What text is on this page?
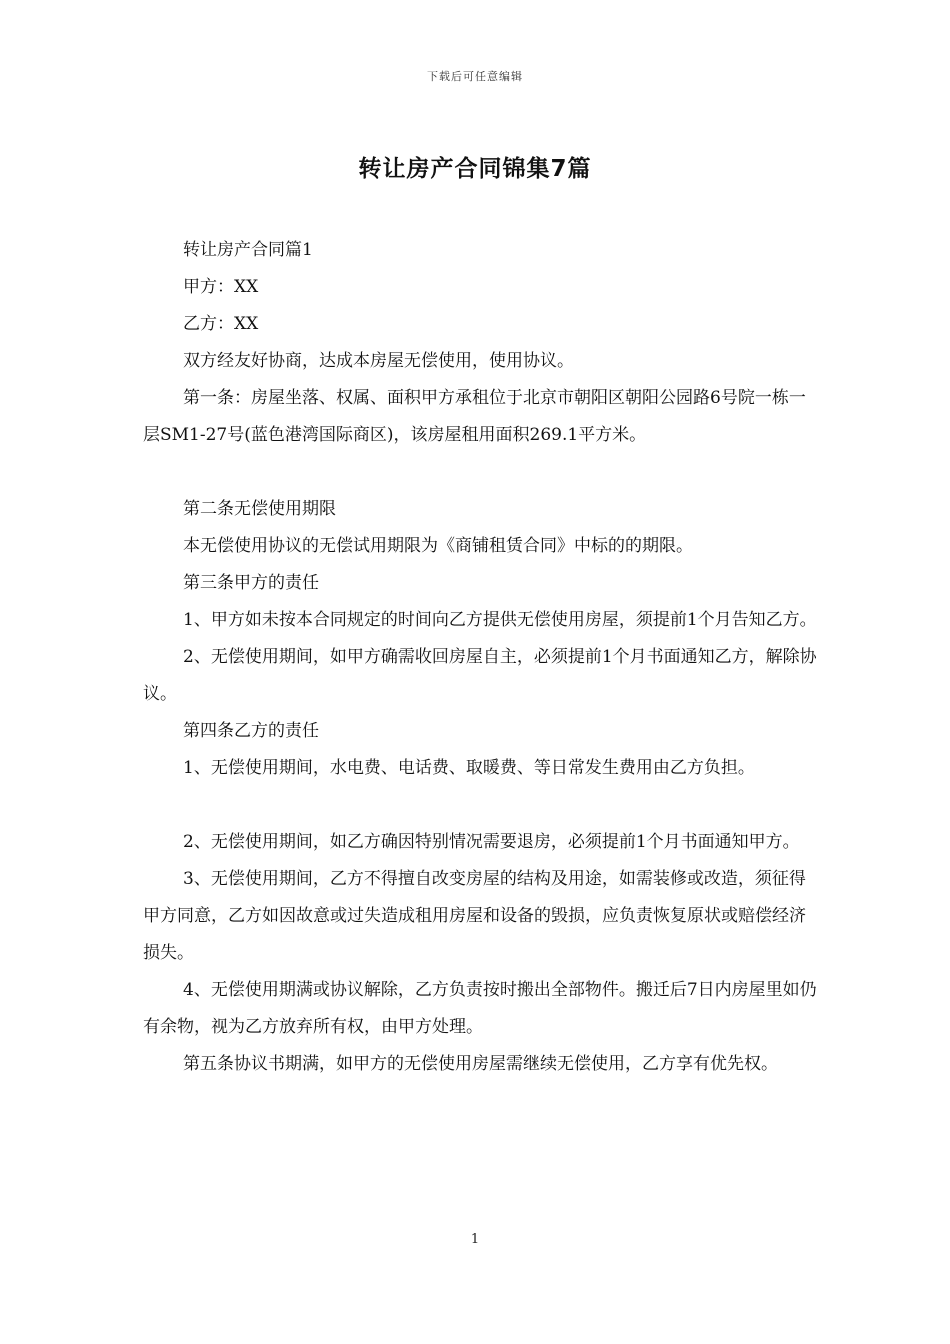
下载后可任意编辑
转让房产合同锦集7篇

转让房产合同篇1

甲方：XX

乙方：XX

双方经友好协商，达成本房屋无偿使用，使用协议。

第一条：房屋坐落、权属、面积甲方承租位于北京市朝阳区朝阳公园路6号院一栋一层SM1-27号(蓝色港湾国际商区)，该房屋租用面积269.1平方米。

第二条无偿使用期限

本无偿使用协议的无偿试用期限为《商铺租赁合同》中标的的期限。

第三条甲方的责任

1、甲方如未按本合同规定的时间向乙方提供无偿使用房屋，须提前1个月告知乙方。

2、无偿使用期间，如甲方确需收回房屋自主，必须提前1个月书面通知乙方，解除协议。

第四条乙方的责任

1、无偿使用期间，水电费、电话费、取暖费、等日常发生费用由乙方负担。

2、无偿使用期间，如乙方确因特别情况需要退房，必须提前1个月书面通知甲方。

3、无偿使用期间，乙方不得擅自改变房屋的结构及用途，如需装修或改造，须征得甲方同意，乙方如因故意或过失造成租用房屋和设备的毁损，应负责恢复原状或赔偿经济损失。

4、无偿使用期满或协议解除，乙方负责按时搬出全部物件。搬迁后7日内房屋里如仍有余物，视为乙方放弃所有权，由甲方处理。

第五条协议书期满，如甲方的无偿使用房屋需继续无偿使用，乙方享有优先权。

1
